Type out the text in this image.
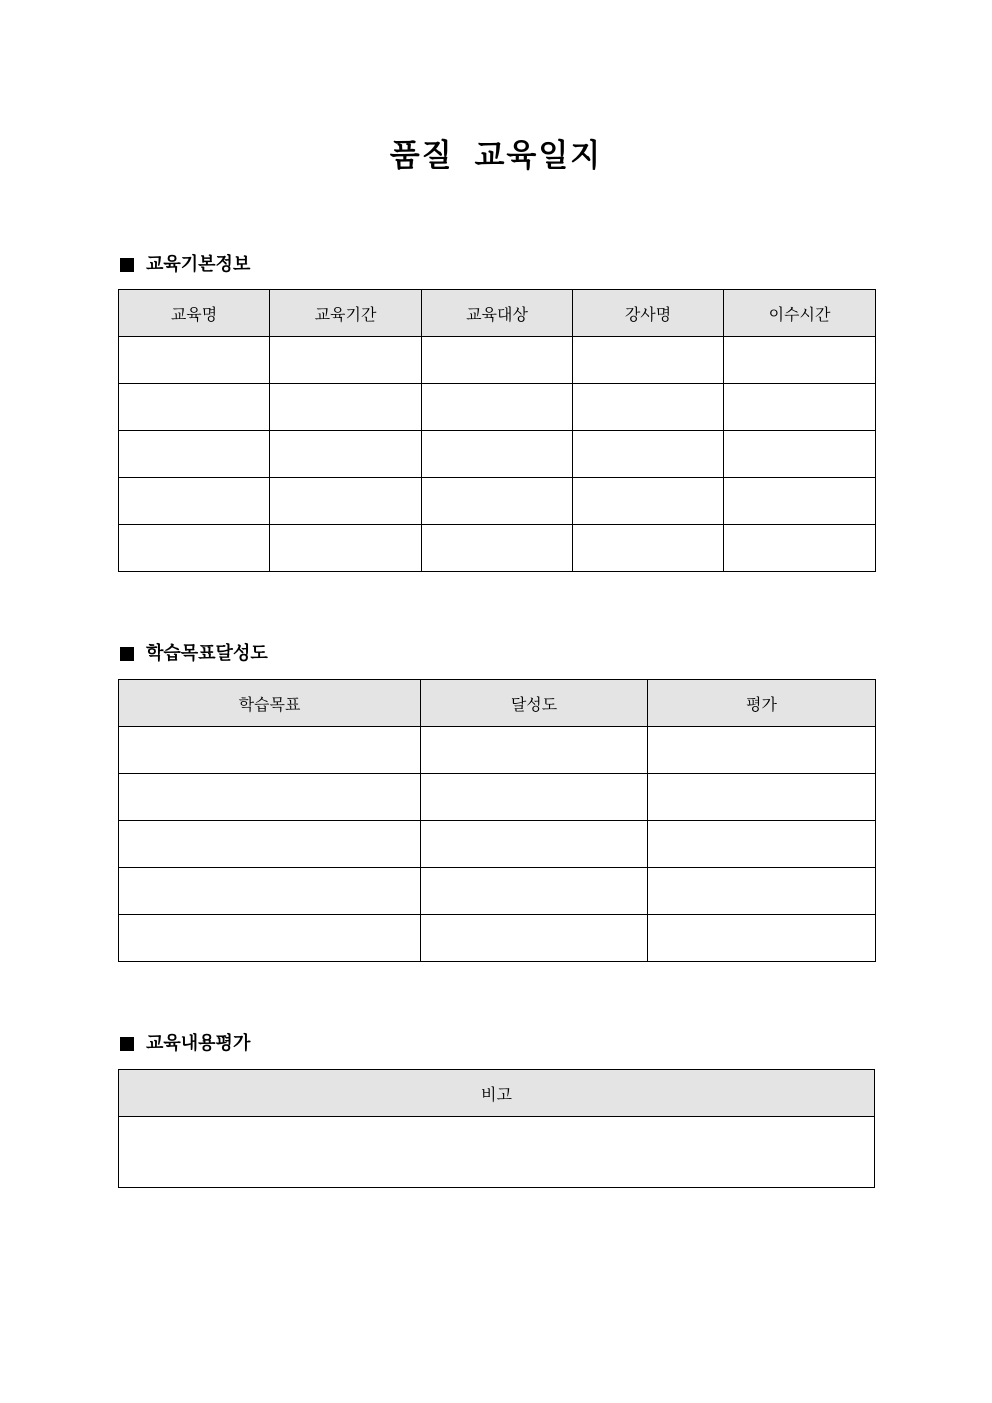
품질 교육일지
교육기본정보
교육명	교육기간	교육대상	강사명	이수시간

학습목표달성도
학습목표	달성도	평가

교육내용평가
비고
